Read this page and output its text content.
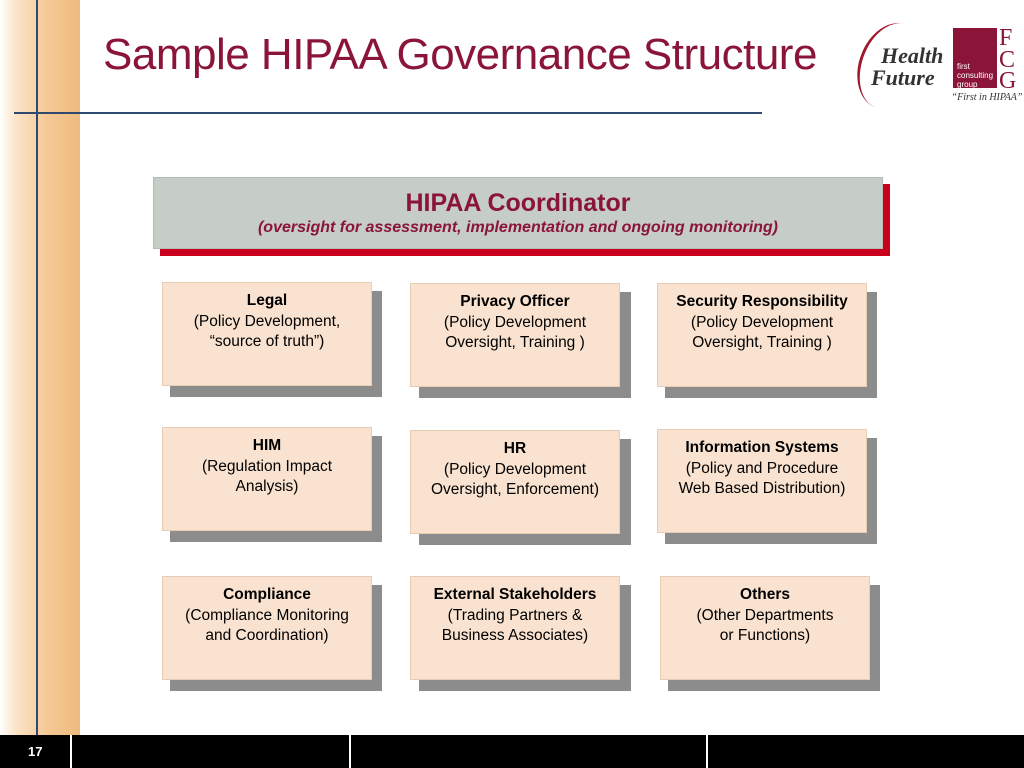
Sample HIPAA Governance Structure	Health
Future	first consulting group
F
C
G
“First in HIPAA”
HIPAA Coordinator
(oversight for assessment, implementation and ongoing monitoring)
Legal
(Policy Development,
“source of truth”)
Privacy Officer
(Policy Development
Oversight, Training )
Security Responsibility
(Policy Development
Oversight, Training )
HIM
(Regulation Impact
Analysis)
HR
(Policy Development
Oversight, Enforcement)
Information Systems
(Policy and Procedure
Web Based Distribution)
Compliance
(Compliance Monitoring
and Coordination)
External Stakeholders
(Trading Partners &
Business Associates)
Others
(Other Departments
or Functions)
17
